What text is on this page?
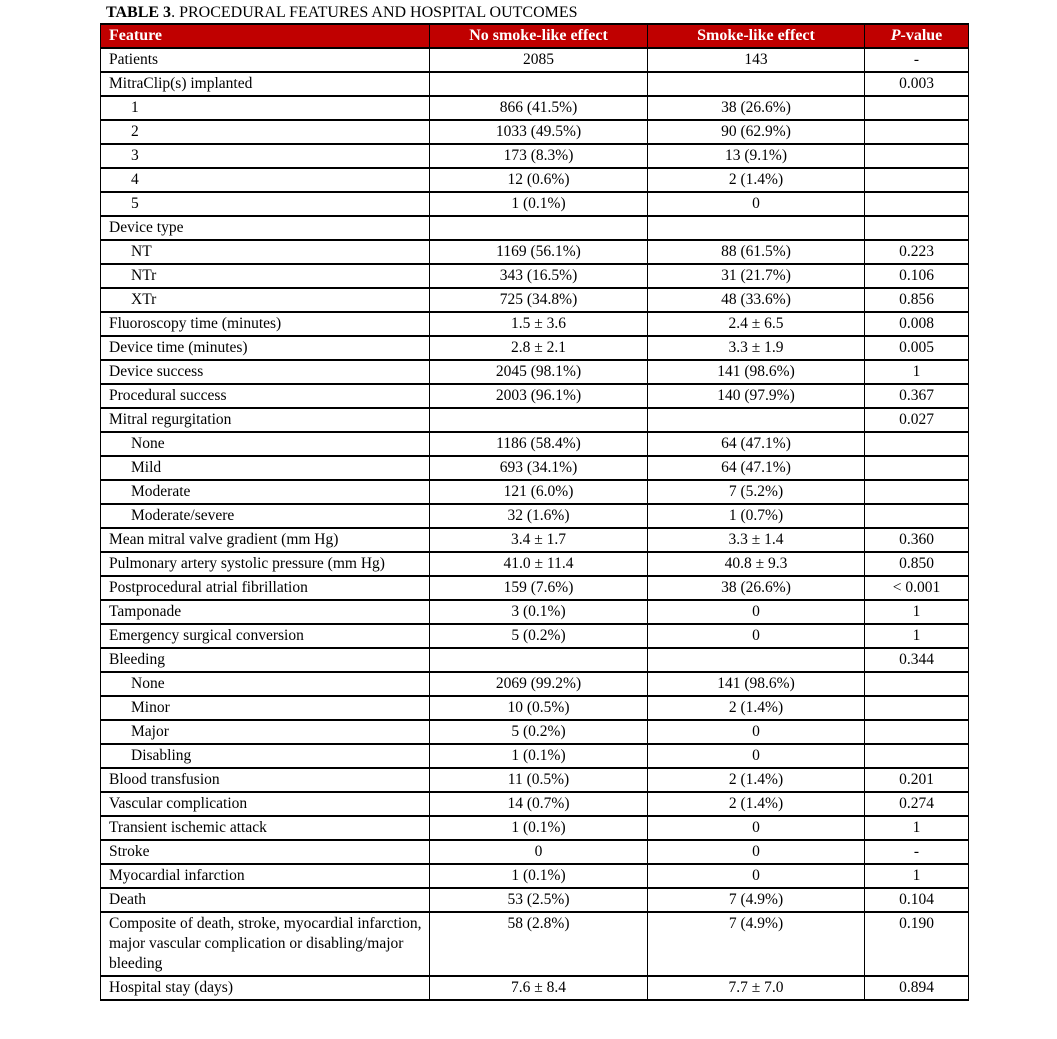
TABLE 3. PROCEDURAL FEATURES AND HOSPITAL OUTCOMES
Feature	No smoke-like effect	Smoke-like effect	P-value
Patients	2085	143	-
MitraClip(s) implanted			0.003
1	866 (41.5%)	38 (26.6%)	
2	1033 (49.5%)	90 (62.9%)	
3	173 (8.3%)	13 (9.1%)	
4	12 (0.6%)	2 (1.4%)	
5	1 (0.1%)	0	
Device type			
NT	1169 (56.1%)	88 (61.5%)	0.223
NTr	343 (16.5%)	31 (21.7%)	0.106
XTr	725 (34.8%)	48 (33.6%)	0.856
Fluoroscopy time (minutes)	1.5 ± 3.6	2.4 ± 6.5	0.008
Device time (minutes)	2.8 ± 2.1	3.3 ± 1.9	0.005
Device success	2045 (98.1%)	141 (98.6%)	1
Procedural success	2003 (96.1%)	140 (97.9%)	0.367
Mitral regurgitation			0.027
None	1186 (58.4%)	64 (47.1%)	
Mild	693 (34.1%)	64 (47.1%)	
Moderate	121 (6.0%)	7 (5.2%)	
Moderate/severe	32 (1.6%)	1 (0.7%)	
Mean mitral valve gradient (mm Hg)	3.4 ± 1.7	3.3 ± 1.4	0.360
Pulmonary artery systolic pressure (mm Hg)	41.0 ± 11.4	40.8 ± 9.3	0.850
Postprocedural atrial fibrillation	159 (7.6%)	38 (26.6%)	< 0.001
Tamponade	3 (0.1%)	0	1
Emergency surgical conversion	5 (0.2%)	0	1
Bleeding			0.344
None	2069 (99.2%)	141 (98.6%)	
Minor	10 (0.5%)	2 (1.4%)	
Major	5 (0.2%)	0	
Disabling	1 (0.1%)	0	
Blood transfusion	11 (0.5%)	2 (1.4%)	0.201
Vascular complication	14 (0.7%)	2 (1.4%)	0.274
Transient ischemic attack	1 (0.1%)	0	1
Stroke	0	0	-
Myocardial infarction	1 (0.1%)	0	1
Death	53 (2.5%)	7 (4.9%)	0.104
Composite of death, stroke, myocardial infarction, major vascular complication or disabling/major bleeding	58 (2.8%)	7 (4.9%)	0.190
Hospital stay (days)	7.6 ± 8.4	7.7 ± 7.0	0.894
